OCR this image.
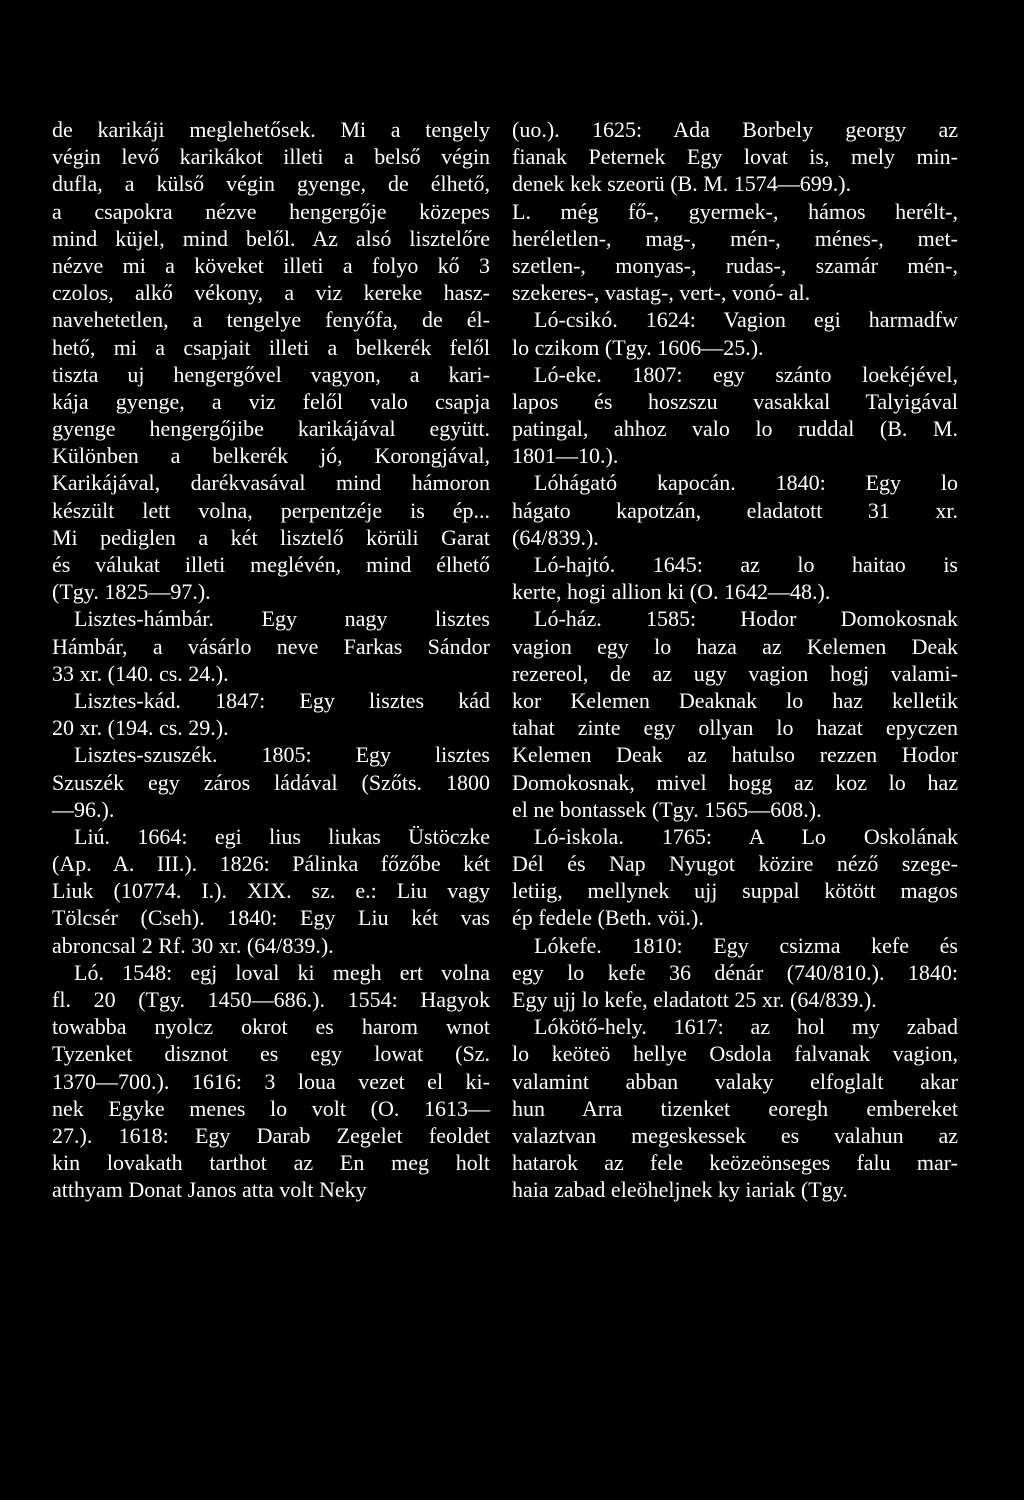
de karikáji meglehetősek. Mi a tengely
végin levő karikákot illeti a belső végin
dufla, a külső végin gyenge, de élhető,
a csapokra nézve hengergője közepes
mind küjel, mind belől. Az alsó lisztelőre
nézve mi a köveket illeti a folyo kő 3
czolos, alkő vékony, a viz kereke hasz-
navehetetlen, a tengelye fenyőfa, de él-
hető, mi a csapjait illeti a belkerék felől
tiszta uj hengergővel vagyon, a kari-
kája gyenge, a viz felől valo csapja
gyenge hengergőjibe karikájával együtt.
Különben a belkerék jó, Korongjával,
Karikájával, darékvasával mind hámoron
készült lett volna, perpentzéje is ép...
Mi pediglen a két lisztelő körüli Garat
és válukat illeti meglévén, mind élhető
(Tgy. 1825—97.).
Lisztes-hámbár. Egy nagy lisztes
Hámbár, a vásárlo neve Farkas Sándor
33 xr. (140. cs. 24.).
Lisztes-kád. 1847: Egy lisztes kád
20 xr. (194. cs. 29.).
Lisztes-szuszék. 1805: Egy lisztes
Szuszék egy záros ládával (Szőts. 1800
—96.).
Liú. 1664: egi lius liukas Üstöczke
(Ap. A. III.). 1826: Pálinka főzőbe két
Liuk (10774. I.). XIX. sz. e.: Liu vagy
Tölcsér (Cseh). 1840: Egy Liu két vas
abroncsal 2 Rf. 30 xr. (64/839.).
Ló. 1548: egj loval ki megh ert volna
fl. 20 (Tgy. 1450—686.). 1554: Hagyok
towabba nyolcz okrot es harom wnot
Tyzenket disznot es egy lowat (Sz.
1370—700.). 1616: 3 loua vezet el ki-
nek Egyke menes lo volt (O. 1613—
27.). 1618: Egy Darab Zegelet feoldet
kin lovakath tarthot az En meg holt
atthyam Donat Janos atta volt Neky
(uo.). 1625: Ada Borbely georgy az
fianak Peternek Egy lovat is, mely min-
denek kek szeorü (B. M. 1574—699.).
L. még fő-, gyermek-, hámos herélt-,
heréletlen-, mag-, mén-, ménes-, met-
szetlen-, monyas-, rudas-, szamár mén-,
szekeres-, vastag-, vert-, vonó- al.
Ló-csikó. 1624: Vagion egi harmadfw
lo czikom (Tgy. 1606—25.).
Ló-eke. 1807: egy szánto loekéjével,
lapos és hoszszu vasakkal Talyigával
patingal, ahhoz valo lo ruddal (B. M.
1801—10.).
Lóhágató kapocán. 1840: Egy lo
hágato kapotzán, eladatott 31 xr.
(64/839.).
Ló-hajtó. 1645: az lo haitao is
kerte, hogi allion ki (O. 1642—48.).
Ló-ház. 1585: Hodor Domokosnak
vagion egy lo haza az Kelemen Deak
rezereol, de az ugy vagion hogj valami-
kor Kelemen Deaknak lo haz kelletik
tahat zinte egy ollyan lo hazat epyczen
Kelemen Deak az hatulso rezzen Hodor
Domokosnak, mivel hogg az koz lo haz
el ne bontassek (Tgy. 1565—608.).
Ló-iskola. 1765: A Lo Oskolának
Dél és Nap Nyugot közire néző szege-
letiig, mellynek ujj suppal kötött magos
ép fedele (Beth. vöi.).
Lókefe. 1810: Egy csizma kefe és
egy lo kefe 36 dénár (740/810.). 1840:
Egy ujj lo kefe, eladatott 25 xr. (64/839.).
Lókötő-hely. 1617: az hol my zabad
lo keöteö hellye Osdola falvanak vagion,
valamint abban valaky elfoglalt akar
hun Arra tizenket eoregh embereket
valaztvan megeskessek es valahun az
hatarok az fele keözeönseges falu mar-
haia zabad eleöheljnek ky iariak (Tgy.
